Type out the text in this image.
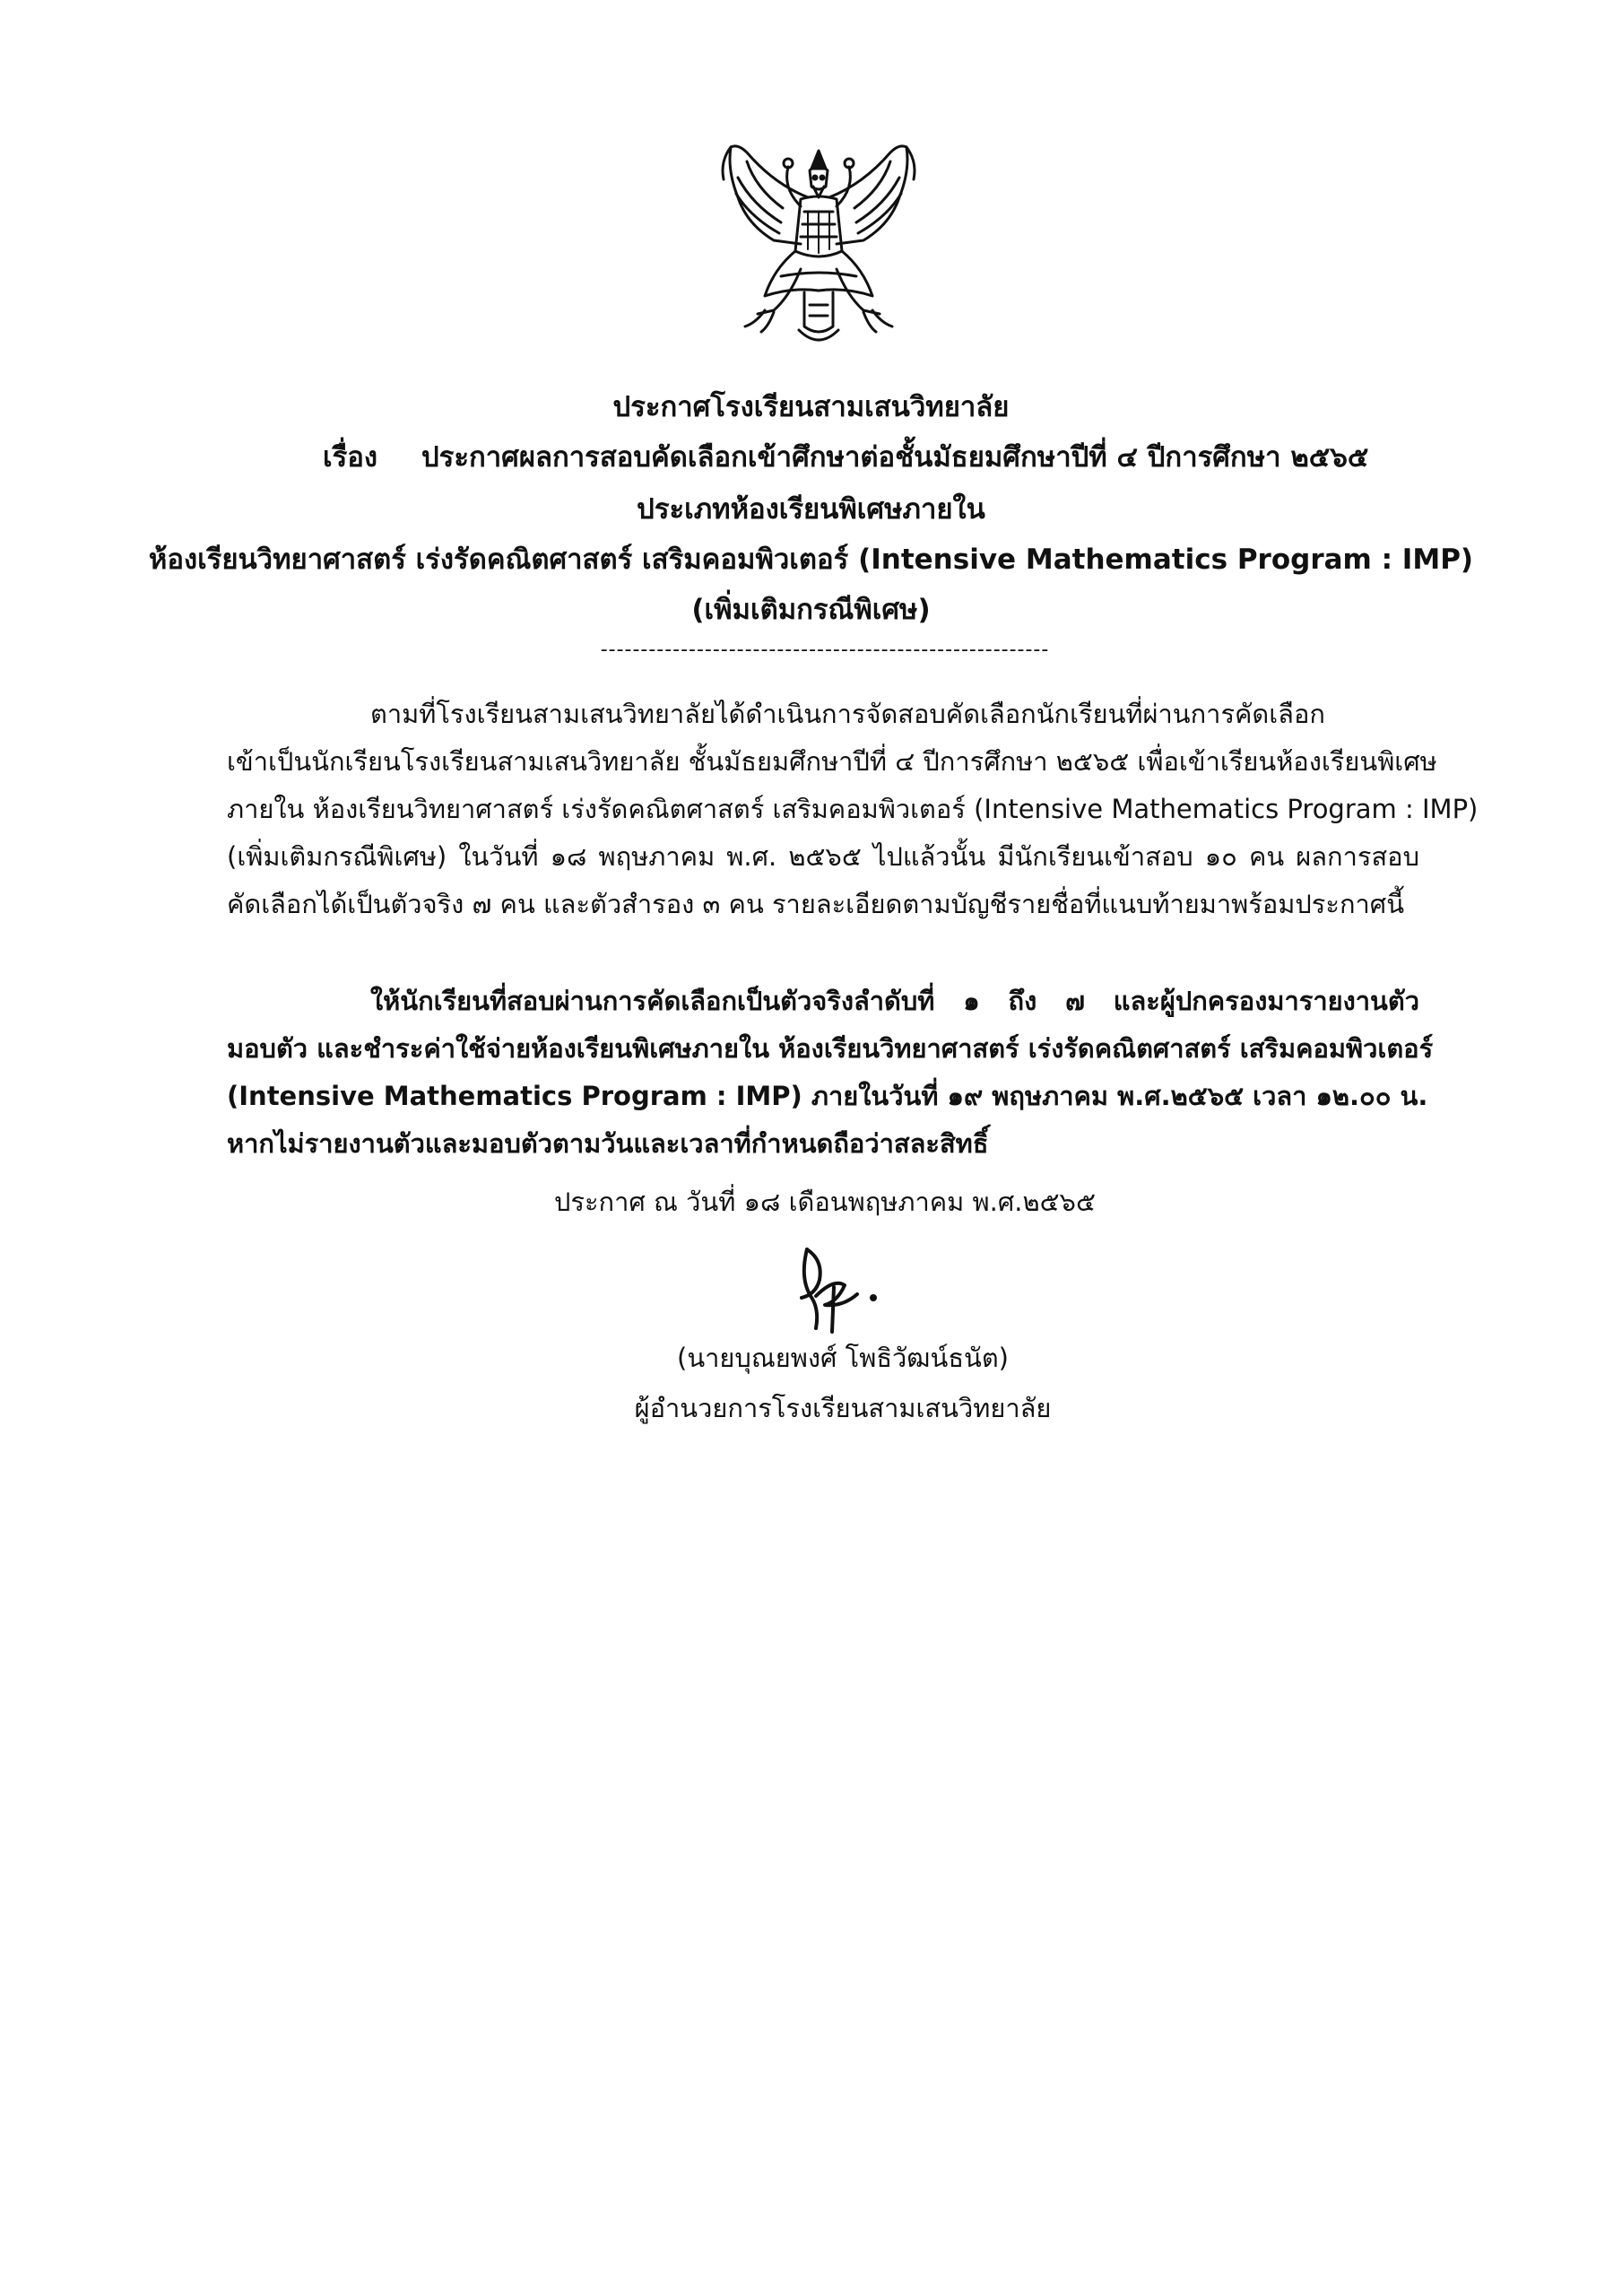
ประกาศโรงเรียนสามเสนวิทยาลัย
เรื่อง ประกาศผลการสอบคัดเลือกเข้าศึกษาต่อชั้นมัธยมศึกษาปีที่ ๔ ปีการศึกษา ๒๕๖๕
ประเภทห้องเรียนพิเศษภายใน
ห้องเรียนวิทยาศาสตร์ เร่งรัดคณิตศาสตร์ เสริมคอมพิวเตอร์ (Intensive Mathematics Program : IMP)
(เพิ่มเติมกรณีพิเศษ)
--------------------------------------------------------
ตามที่โรงเรียนสามเสนวิทยาลัยได้ดำเนินการจัดสอบคัดเลือกนักเรียนที่ผ่านการคัดเลือก
เข้าเป็นนักเรียนโรงเรียนสามเสนวิทยาลัย ชั้นมัธยมศึกษาปีที่ ๔ ปีการศึกษา ๒๕๖๕ เพื่อเข้าเรียนห้องเรียนพิเศษ
ภายใน ห้องเรียนวิทยาศาสตร์ เร่งรัดคณิตศาสตร์ เสริมคอมพิวเตอร์ (Intensive Mathematics Program : IMP)
(เพิ่มเติมกรณีพิเศษ) ในวันที่ ๑๘ พฤษภาคม พ.ศ. ๒๕๖๕ ไปแล้วนั้น มีนักเรียนเข้าสอบ ๑๐ คน ผลการสอบ
คัดเลือกได้เป็นตัวจริง ๗ คน และตัวสำรอง ๓ คน รายละเอียดตามบัญชีรายชื่อที่แนบท้ายมาพร้อมประกาศนี้
ให้นักเรียนที่สอบผ่านการคัดเลือกเป็นตัวจริงลำดับที่ ๑ ถึง ๗ และผู้ปกครองมารายงานตัว
มอบตัว และชำระค่าใช้จ่ายห้องเรียนพิเศษภายใน ห้องเรียนวิทยาศาสตร์ เร่งรัดคณิตศาสตร์ เสริมคอมพิวเตอร์
(Intensive Mathematics Program : IMP) ภายในวันที่ ๑๙ พฤษภาคม พ.ศ.๒๕๖๕ เวลา ๑๒.๐๐ น.
หากไม่รายงานตัวและมอบตัวตามวันและเวลาที่กำหนดถือว่าสละสิทธิ์
ประกาศ ณ วันที่ ๑๘ เดือนพฤษภาคม พ.ศ.๒๕๖๕
(นายบุณยพงศ์ โพธิวัฒน์ธนัต)
ผู้อำนวยการโรงเรียนสามเสนวิทยาลัย
